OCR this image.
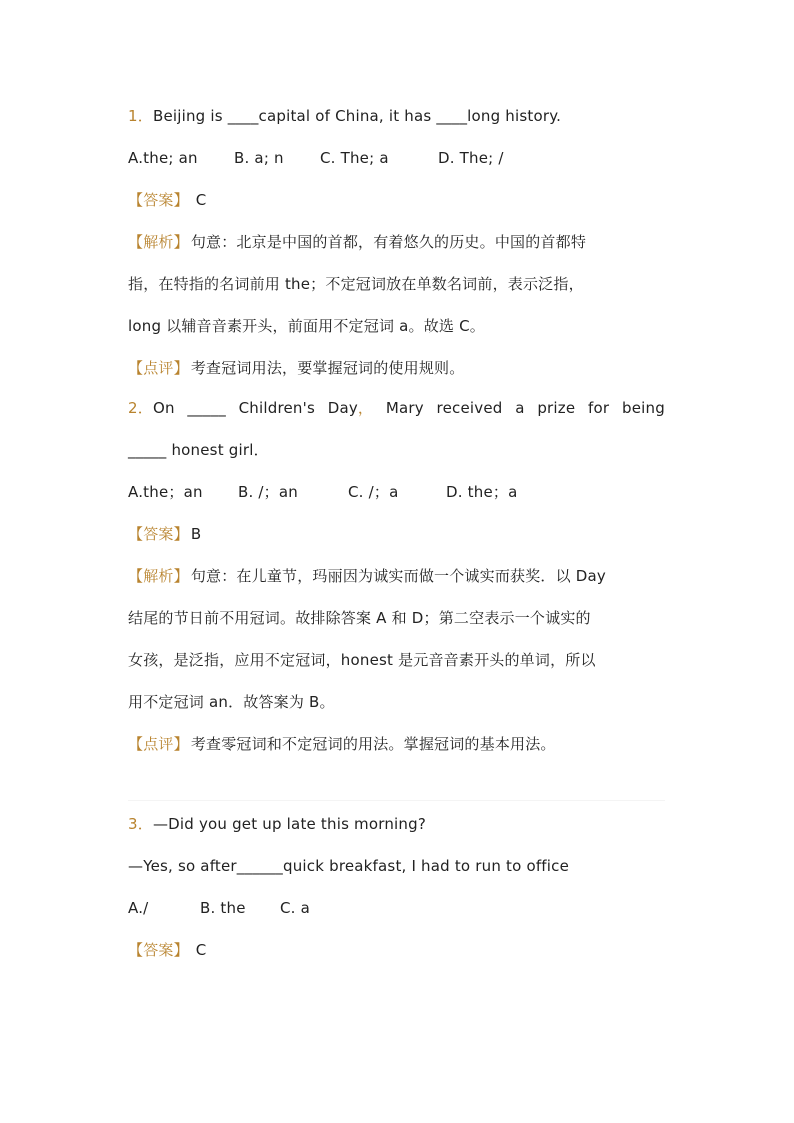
1．Beijing is ____capital of China, it has ____long history.
A.the; an B. a; n C. The; a	D. The; /
【答案】 C
【解析】 句意：北京是中国的首都，有着悠久的历史。中国的首都特
指，在特指的名词前用 the；不定冠词放在单数名词前，表示泛指，
long 以辅音音素开头，前面用不定冠词 a。故选 C。
【点评】 考查冠词用法，要掌握冠词的使用规则。
2．On _____ Children's Day， Mary received a prize for being
_____ honest girl．
A.the；an B. /；an	C. /；a	D. the；a
【答案】 B
【解析】 句意：在儿童节，玛丽因为诚实而做一个诚实而获奖．以 Day
结尾的节日前不用冠词。故排除答案 A 和 D；第二空表示一个诚实的
女孩，是泛指，应用不定冠词，honest 是元音音素开头的单词，所以
用不定冠词 an．故答案为 B。
【点评】 考查零冠词和不定冠词的用法。掌握冠词的基本用法。
3．—Did you get up late this morning?
—Yes, so after______quick breakfast, I had to run to office
A./	B. the C. a
【答案】 C
